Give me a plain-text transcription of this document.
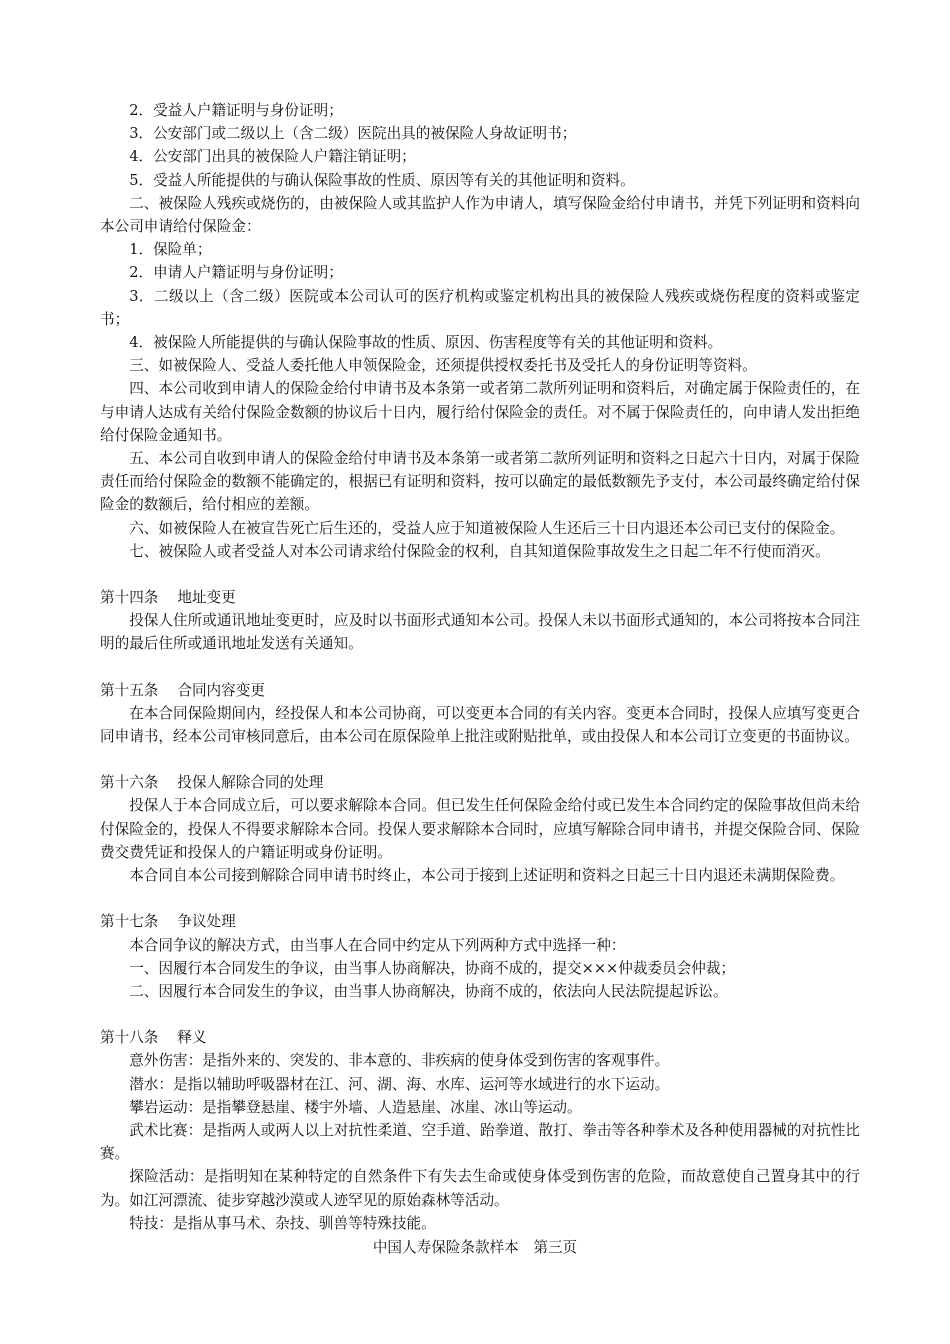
2．受益人户籍证明与身份证明；

3．公安部门或二级以上（含二级）医院出具的被保险人身故证明书；

4．公安部门出具的被保险人户籍注销证明；

5．受益人所能提供的与确认保险事故的性质、原因等有关的其他证明和资料。

二、被保险人残疾或烧伤的，由被保险人或其监护人作为申请人，填写保险金给付申请书，并凭下列证明和资料向本公司申请给付保险金：

1．保险单；

2．申请人户籍证明与身份证明；

3．二级以上（含二级）医院或本公司认可的医疗机构或鉴定机构出具的被保险人残疾或烧伤程度的资料或鉴定书；

4．被保险人所能提供的与确认保险事故的性质、原因、伤害程度等有关的其他证明和资料。

三、如被保险人、受益人委托他人申领保险金，还须提供授权委托书及受托人的身份证明等资料。

四、本公司收到申请人的保险金给付申请书及本条第一或者第二款所列证明和资料后，对确定属于保险责任的，在与申请人达成有关给付保险金数额的协议后十日内，履行给付保险金的责任。对不属于保险责任的，向申请人发出拒绝给付保险金通知书。

五、本公司自收到申请人的保险金给付申请书及本条第一或者第二款所列证明和资料之日起六十日内，对属于保险责任而给付保险金的数额不能确定的，根据已有证明和资料，按可以确定的最低数额先予支付，本公司最终确定给付保险金的数额后，给付相应的差额。

六、如被保险人在被宣告死亡后生还的，受益人应于知道被保险人生还后三十日内退还本公司已支付的保险金。

七、被保险人或者受益人对本公司请求给付保险金的权利，自其知道保险事故发生之日起二年不行使而消灭。

第十四条 地址变更

投保人住所或通讯地址变更时，应及时以书面形式通知本公司。投保人未以书面形式通知的，本公司将按本合同注明的最后住所或通讯地址发送有关通知。

第十五条 合同内容变更

在本合同保险期间内，经投保人和本公司协商，可以变更本合同的有关内容。变更本合同时，投保人应填写变更合同申请书，经本公司审核同意后，由本公司在原保险单上批注或附贴批单，或由投保人和本公司订立变更的书面协议。

第十六条 投保人解除合同的处理

投保人于本合同成立后，可以要求解除本合同。但已发生任何保险金给付或已发生本合同约定的保险事故但尚未给付保险金的，投保人不得要求解除本合同。投保人要求解除本合同时，应填写解除合同申请书，并提交保险合同、保险费交费凭证和投保人的户籍证明或身份证明。

本合同自本公司接到解除合同申请书时终止，本公司于接到上述证明和资料之日起三十日内退还未满期保险费。

第十七条 争议处理

本合同争议的解决方式，由当事人在合同中约定从下列两种方式中选择一种：

一、因履行本合同发生的争议，由当事人协商解决，协商不成的，提交×××仲裁委员会仲裁；

二、因履行本合同发生的争议，由当事人协商解决，协商不成的，依法向人民法院提起诉讼。

第十八条 释义

意外伤害：是指外来的、突发的、非本意的、非疾病的使身体受到伤害的客观事件。

潜水：是指以辅助呼吸器材在江、河、湖、海、水库、运河等水域进行的水下运动。

攀岩运动：是指攀登悬崖、楼宇外墙、人造悬崖、冰崖、冰山等运动。

武术比赛：是指两人或两人以上对抗性柔道、空手道、跆拳道、散打、拳击等各种拳术及各种使用器械的对抗性比赛。

探险活动：是指明知在某种特定的自然条件下有失去生命或使身体受到伤害的危险，而故意使自己置身其中的行为。如江河漂流、徒步穿越沙漠或人迹罕见的原始森林等活动。

特技：是指从事马术、杂技、驯兽等特殊技能。

中国人寿保险条款样本　第三页
